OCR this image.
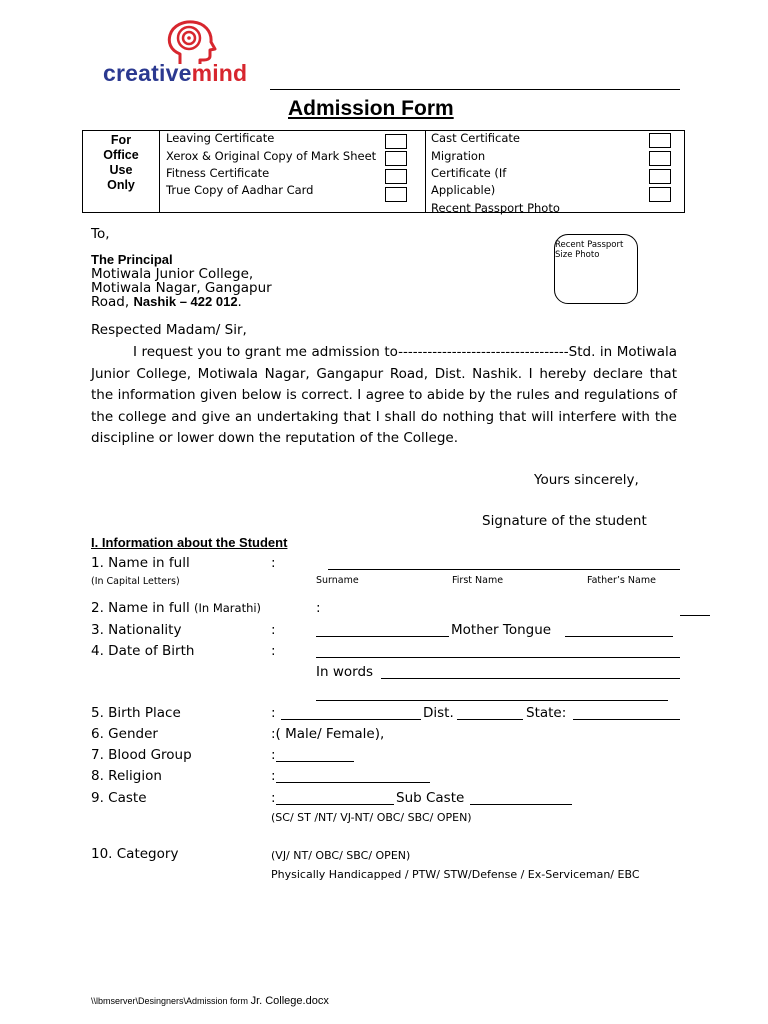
creativemind
Admission Form
For
Office
Use
Only
Leaving Certificate
Xerox & Original Copy of Mark Sheet
Fitness Certificate
True Copy of Aadhar Card
Cast Certificate
Migration
Certificate (If
Applicable)
Recent Passport Photo
To,
The Principal
Motiwala Junior College,
Motiwala Nagar, Gangapur
Road, Nashik – 422 012.
Recent Passport Size Photo
Respected Madam/ Sir,
I request you to grant me admission to-----------------------------------Std. in Motiwala Junior College, Motiwala Nagar, Gangapur Road, Dist. Nashik. I hereby declare that the information given below is correct. I agree to abide by the rules and regulations of the college and give an undertaking that I shall do nothing that will interfere with the discipline or lower down the reputation of the College.
Yours sincerely,
Signature of the student
I. Information about the Student
1. Name in full	:
(In Capital Letters)	Surname	First Name	Father’s Name
2. Name in full (In Marathi)	:
3. Nationality	:	Mother Tongue
4. Date of Birth	:
In words
5. Birth Place	:	Dist.	State:
6. Gender	:( Male/ Female),
7. Blood Group	:
8. Religion	:
9. Caste	:	Sub Caste
(SC/ ST /NT/ VJ-NT/ OBC/ SBC/ OPEN)
10. Category	(VJ/ NT/ OBC/ SBC/ OPEN)
Physically Handicapped / PTW/ STW/Defense / Ex-Serviceman/ EBC
\\lbmserver\Desingners\Admission form Jr. College.docx
